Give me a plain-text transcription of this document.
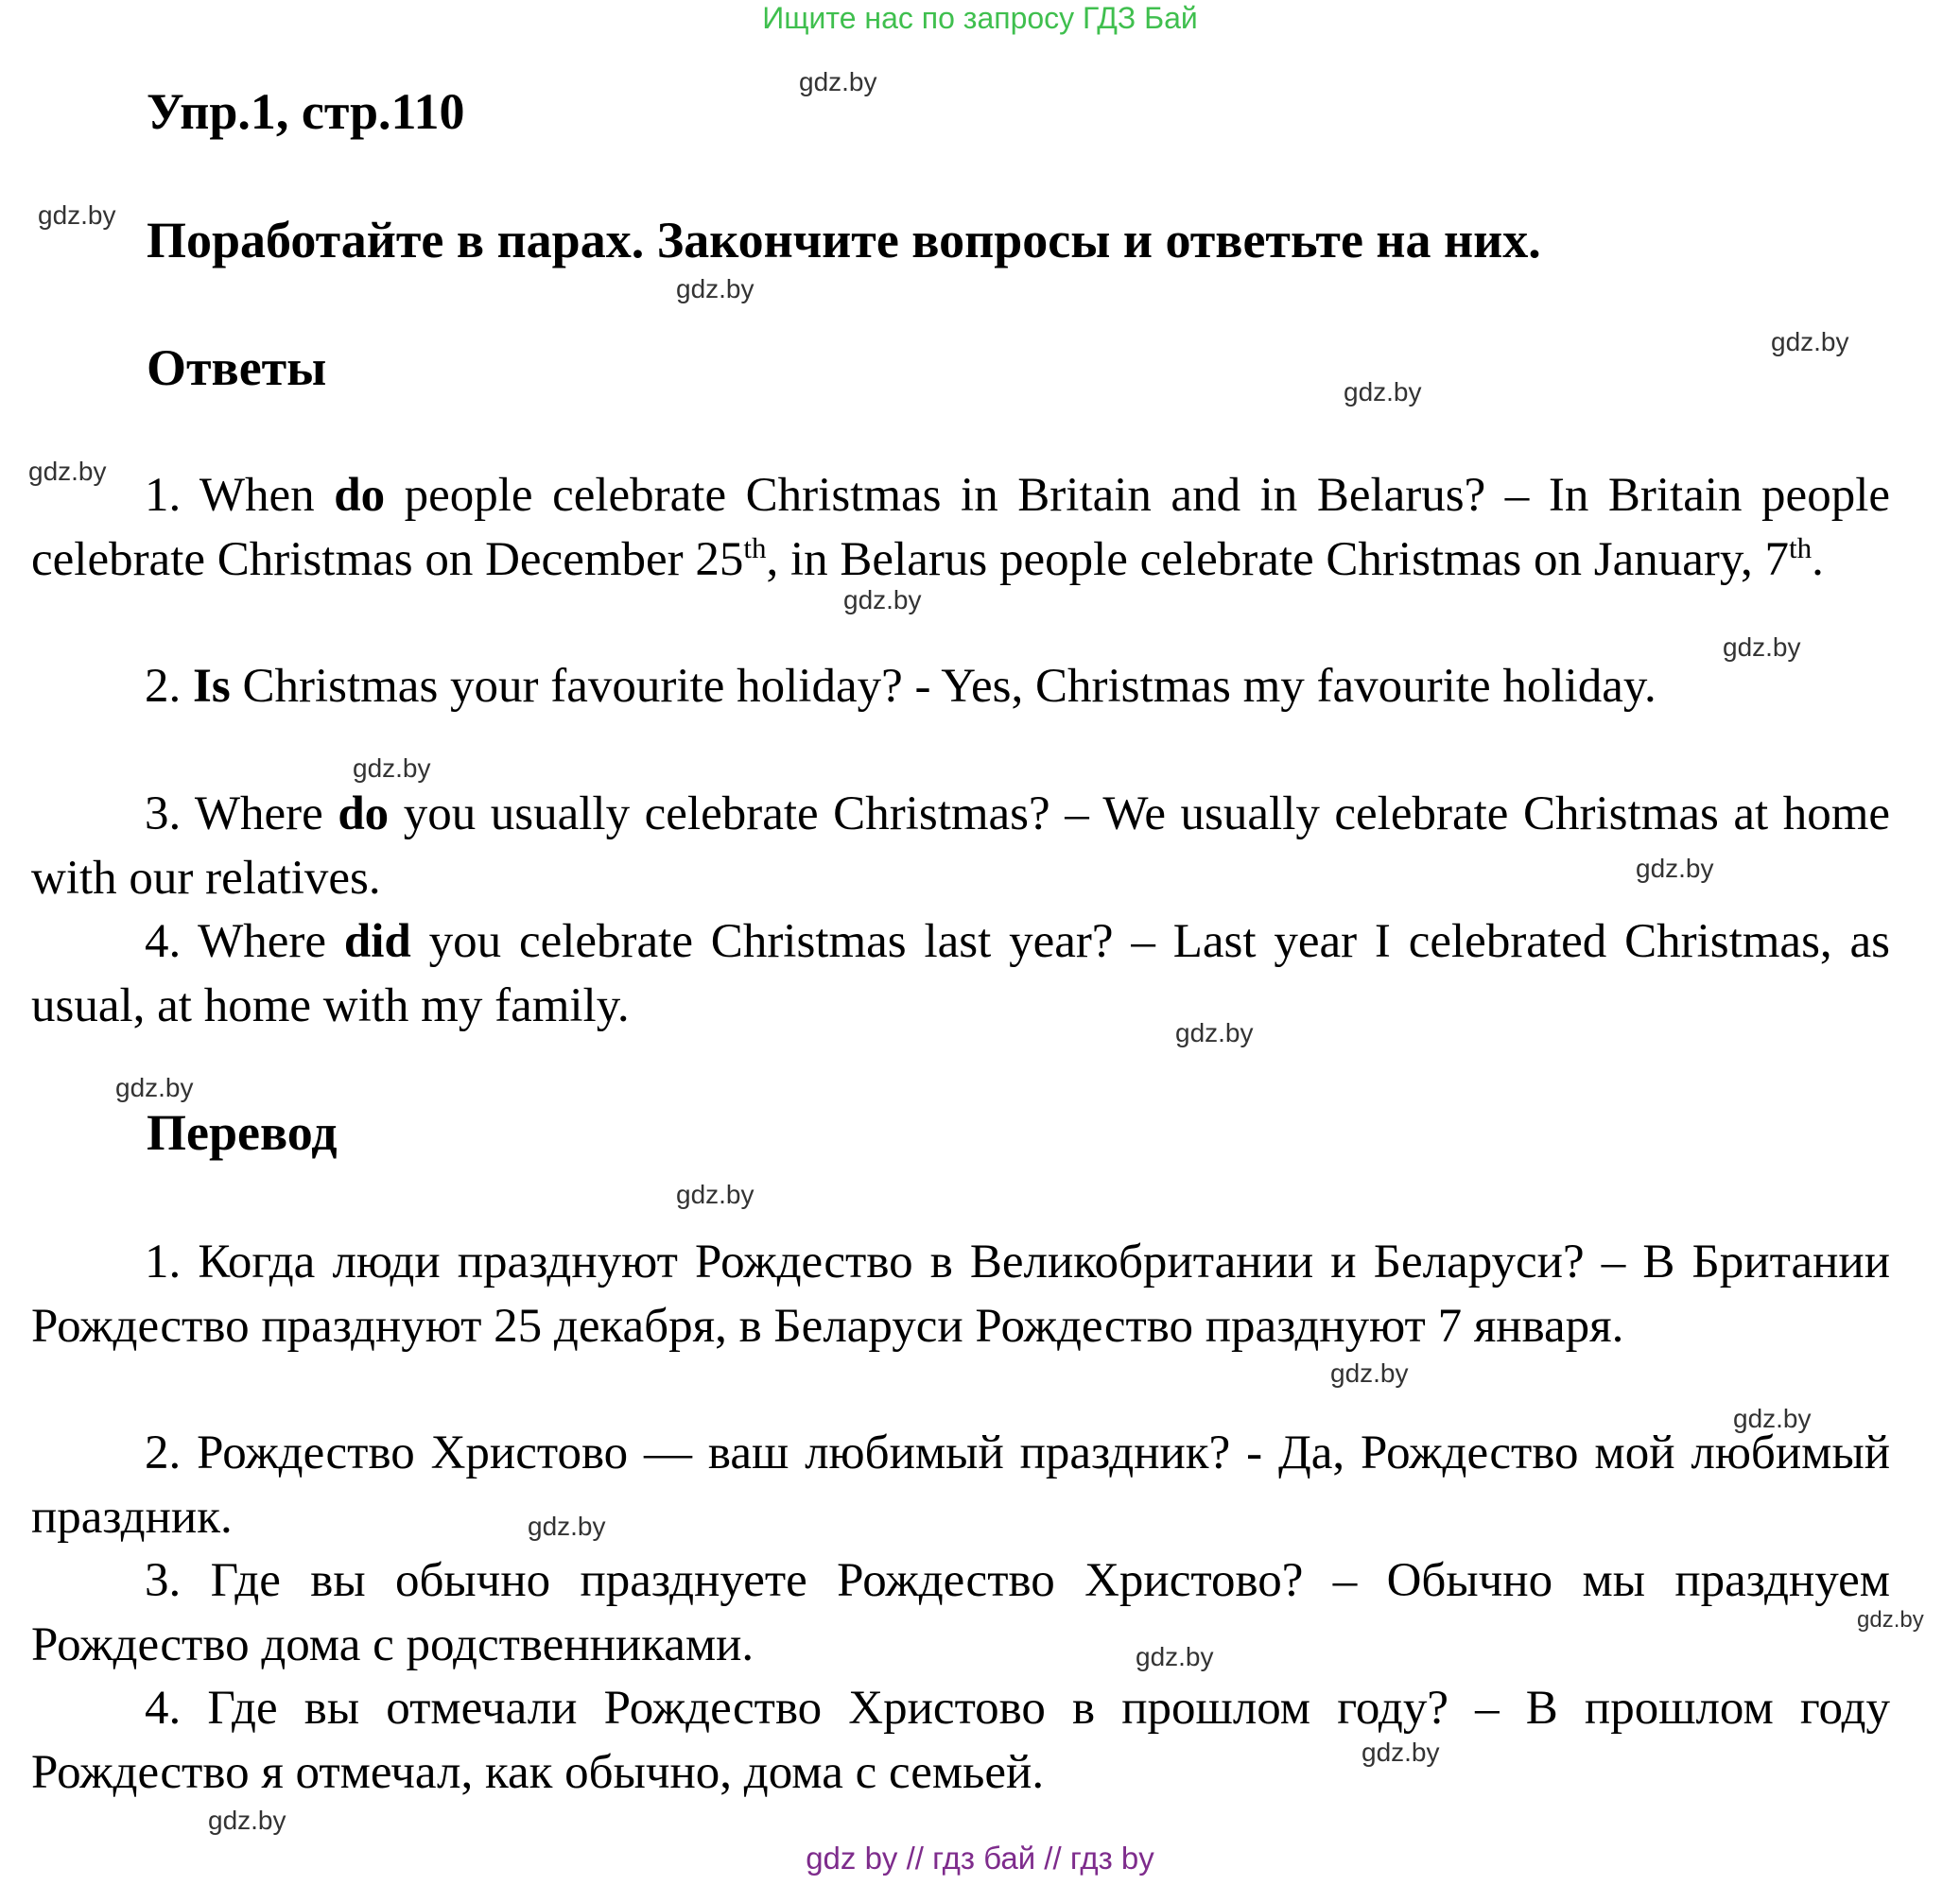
Ищите нас по запросу ГДЗ Бай
Упр.1, стр.110
Поработайте в парах. Закончите вопросы и ответьте на них.
Ответы
1. When do people celebrate Christmas in Britain and in Belarus? – In Britain people celebrate Christmas on December 25th, in Belarus people celebrate Christmas on January, 7th.
2. Is Christmas your favourite holiday? - Yes, Christmas my favourite holiday.
3. Where do you usually celebrate Christmas? – We usually celebrate Christmas at home with our relatives.
4. Where did you celebrate Christmas last year? – Last year I celebrated Christmas, as usual, at home with my family.
Перевод
1. Когда люди празднуют Рождество в Великобритании и Беларуси? – В Британии Рождество празднуют 25 декабря, в Беларуси Рождество празднуют 7 января.
2. Рождество Христово — ваш любимый праздник? - Да, Рождество мой любимый праздник.
3. Где вы обычно празднуете Рождество Христово? – Обычно мы празднуем Рождество дома с родственниками.
4. Где вы отмечали Рождество Христово в прошлом году? – В прошлом году Рождество я отмечал, как обычно, дома с семьей.
gdz.by
gdz.by
gdz.by
gdz.by
gdz.by
gdz.by
gdz.by
gdz.by
gdz.by
gdz.by
gdz.by
gdz.by
gdz.by
gdz.by
gdz.by
gdz.by
gdz.by
gdz.by
gdz.by
gdz.by
gdz by // гдз бай // гдз by
